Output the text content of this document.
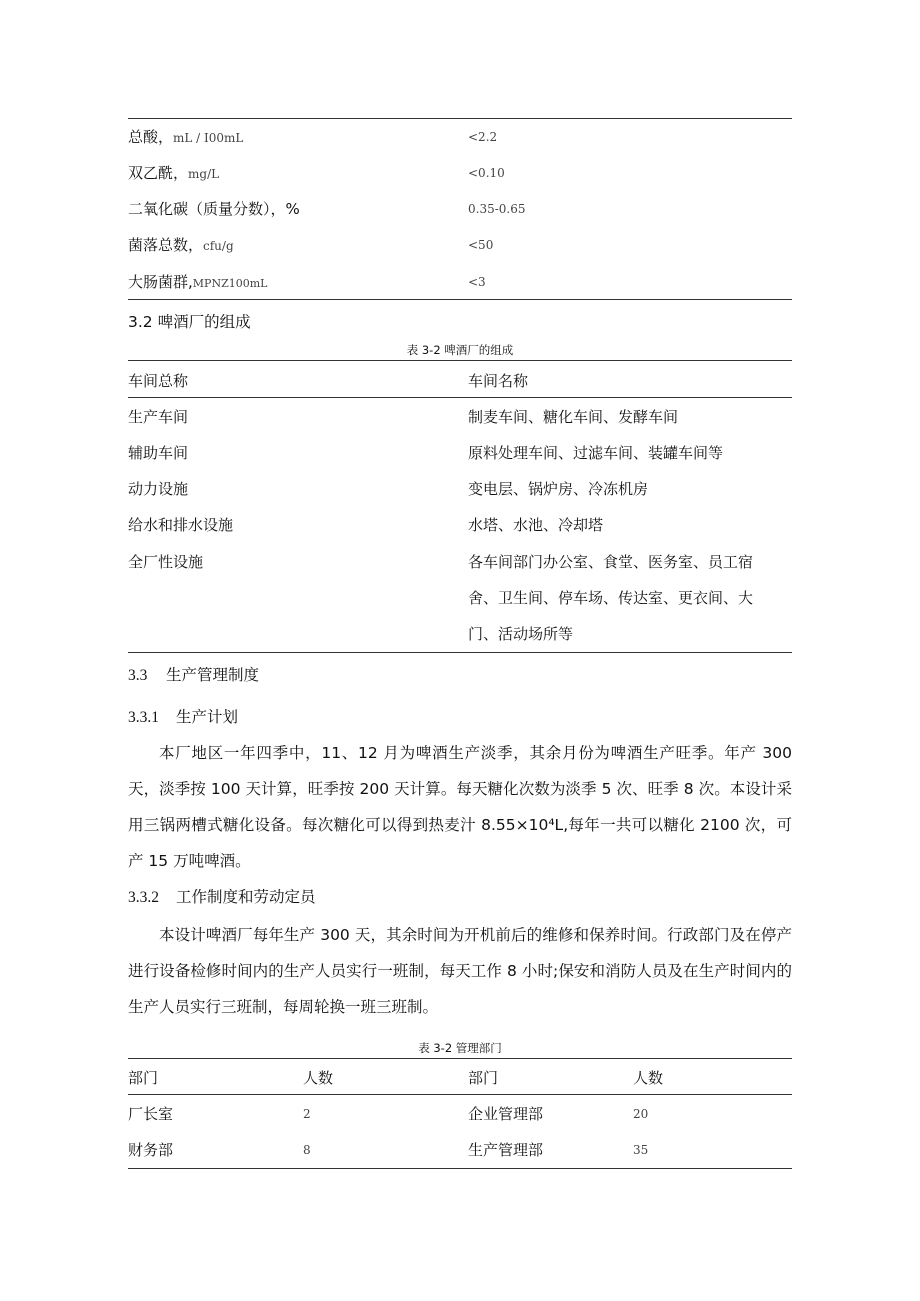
总酸，mL / I00mL	<2.2
双乙酰，mg/L	<0.10
二氧化碳（质量分数），%	0.35-0.65
菌落总数，cfu/g	<50
大肠菌群,MPNZ100mL	<3
3.2 啤酒厂的组成
表 3-2 啤酒厂的组成
车间总称	车间名称
生产车间	制麦车间、糖化车间、发酵车间
辅助车间	原料处理车间、过滤车间、装罐车间等
动力设施	变电层、锅炉房、冷冻机房
给水和排水设施	水塔、水池、冷却塔
全厂性设施	各车间部门办公室、食堂、医务室、员工宿
舍、卫生间、停车场、传达室、更衣间、大
门、活动场所等
3.3 生产管理制度
3.3.1 生产计划
本厂地区一年四季中，11、12 月为啤酒生产淡季，其余月份为啤酒生产旺季。年产 300 天，淡季按 100 天计算，旺季按 200 天计算。每天糖化次数为淡季 5 次、旺季 8 次。本设计采用三锅两槽式糖化设备。每次糖化可以得到热麦汁 8.55×10⁴L,每年一共可以糖化 2100 次，可产 15 万吨啤酒。
3.3.2 工作制度和劳动定员
本设计啤酒厂每年生产 300 天，其余时间为开机前后的维修和保养时间。行政部门及在停产进行设备检修时间内的生产人员实行一班制，每天工作 8 小时;保安和消防人员及在生产时间内的生产人员实行三班制，每周轮换一班三班制。
表 3-2 管理部门
部门	人数	部门	人数
厂长室	2	企业管理部	20
财务部	8	生产管理部	35
